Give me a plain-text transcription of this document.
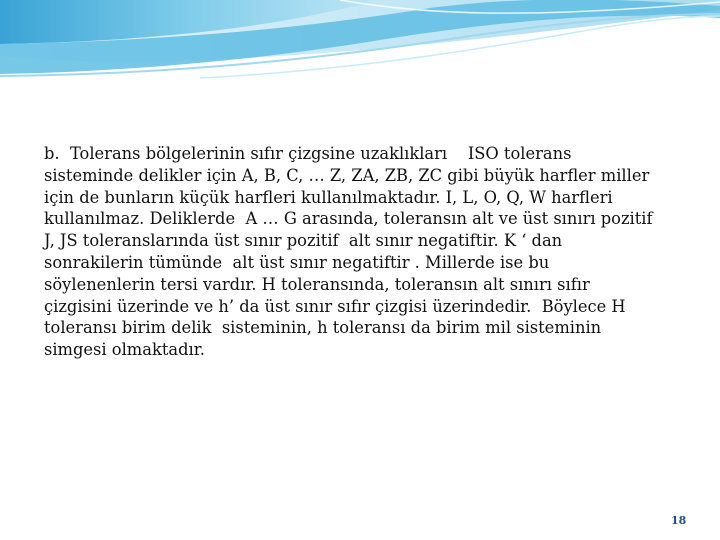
b.  Tolerans bölgelerinin sıfır çizgsine uzaklıkları    ISO tolerans
sisteminde delikler için A, B, C, … Z, ZA, ZB, ZC gibi büyük harfler miller
için de bunların küçük harfleri kullanılmaktadır. I, L, O, Q, W harfleri
kullanılmaz. Deliklerde  A … G arasında, toleransın alt ve üst sınırı pozitif
J, JS toleranslarında üst sınır pozitif  alt sınır negatiftir. K ‘ dan
sonrakilerin tümünde  alt üst sınır negatiftir . Millerde ise bu
söylenenlerin tersi vardır. H toleransında, toleransın alt sınırı sıfır
çizgisini üzerinde ve h’ da üst sınır sıfır çizgisi üzerindedir.  Böylece H
toleransı birim delik  sisteminin, h toleransı da birim mil sisteminin
simgesi olmaktadır.
18
